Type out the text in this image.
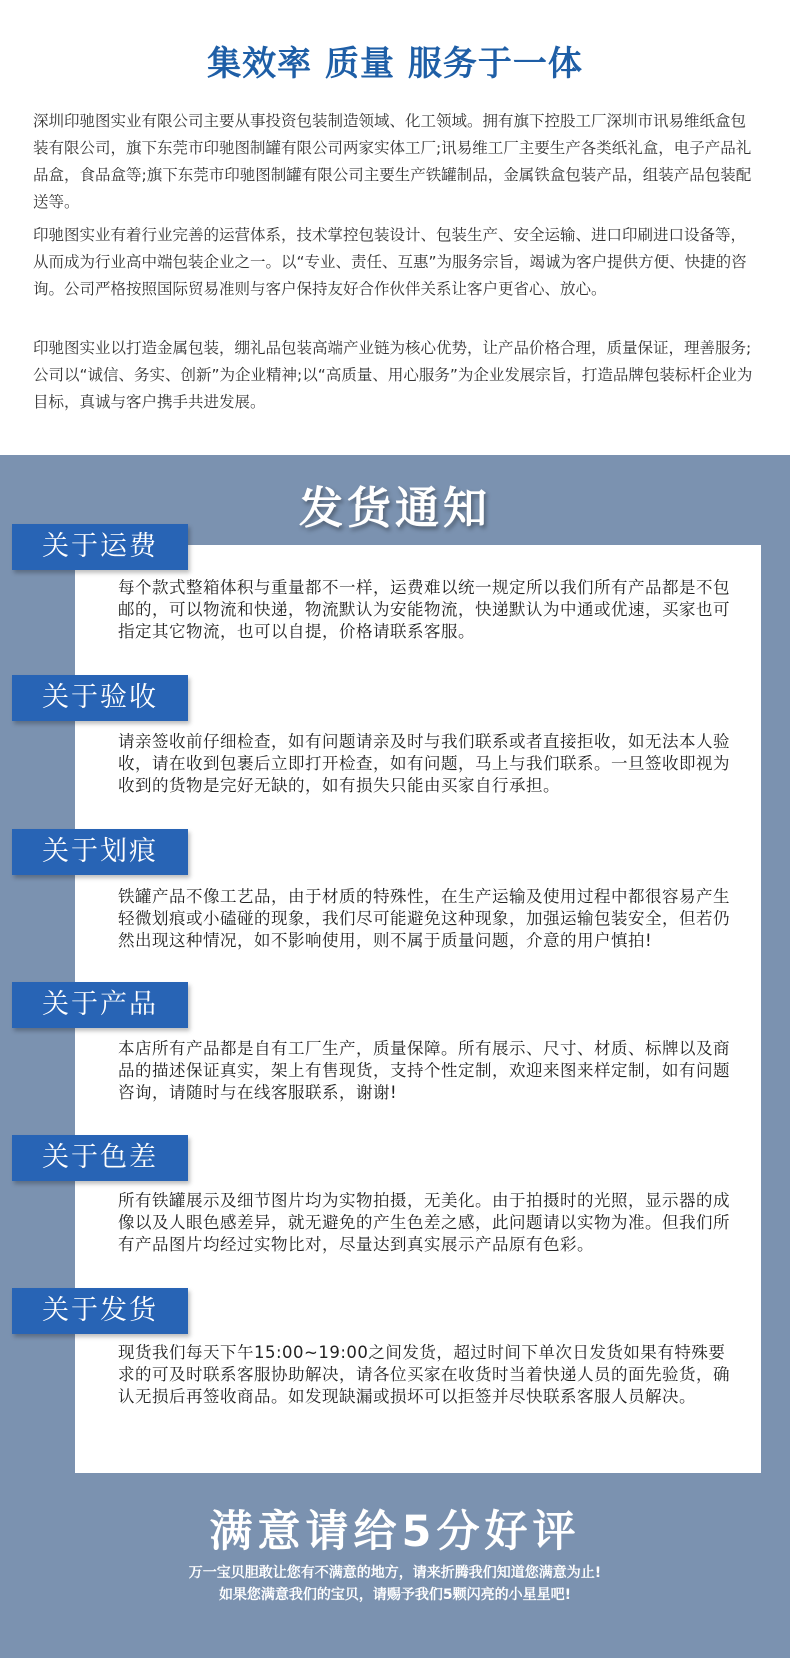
集效率 质量 服务于一体

深圳印驰图实业有限公司主要从事投资包装制造领域、化工领域。拥有旗下控股工厂深圳市讯易维纸盒包装有限公司，旗下东莞市印驰图制罐有限公司两家实体工厂;讯易维工厂主要生产各类纸礼盒，电子产品礼品盒，食品盒等;旗下东莞市印驰图制罐有限公司主要生产铁罐制品，金属铁盒包装产品，组装产品包装配送等。

印驰图实业有着行业完善的运营体系，技术掌控包装设计、包装生产、安全运输、进口印刷进口设备等，从而成为行业高中端包装企业之一。以“专业、责任、互惠”为服务宗旨，竭诚为客户提供方便、快捷的咨询。公司严格按照国际贸易准则与客户保持友好合作伙伴关系让客户更省心、放心。

印驰图实业以打造金属包装，绷礼品包装高端产业链为核心优势，让产品价格合理，质量保证，理善服务;公司以“诚信、务实、创新”为企业精神;以“高质量、用心服务”为企业发展宗旨，打造品牌包装标杆企业为目标，真诚与客户携手共进发展。

发货通知
关于运费

每个款式整箱体积与重量都不一样，运费难以统一规定所以我们所有产品都是不包邮的，可以物流和快递，物流默认为安能物流，快递默认为中通或优速，买家也可指定其它物流，也可以自提，价格请联系客服。

关于验收

请亲签收前仔细检查，如有问题请亲及时与我们联系或者直接拒收，如无法本人验收，请在收到包裹后立即打开检查，如有问题，马上与我们联系。一旦签收即视为收到的货物是完好无缺的，如有损失只能由买家自行承担。

关于划痕

铁罐产品不像工艺品，由于材质的特殊性，在生产运输及使用过程中都很容易产生轻微划痕或小磕碰的现象，我们尽可能避免这种现象，加强运输包装安全，但若仍然出现这种情况，如不影响使用，则不属于质量问题，介意的用户慎拍!

关于产品

本店所有产品都是自有工厂生产，质量保障。所有展示、尺寸、材质、标牌以及商品的描述保证真实，架上有售现货，支持个性定制，欢迎来图来样定制，如有问题咨询，请随时与在线客服联系，谢谢!

关于色差

所有铁罐展示及细节图片均为实物拍摄，无美化。由于拍摄时的光照，显示器的成像以及人眼色感差异，就无避免的产生色差之感，此问题请以实物为准。但我们所有产品图片均经过实物比对，尽量达到真实展示产品原有色彩。

关于发货

现货我们每天下午15:00~19:00之间发货，超过时间下单次日发货如果有特殊要求的可及时联系客服协助解决，请各位买家在收货时当着快递人员的面先验货，确认无损后再签收商品。如发现缺漏或损坏可以拒签并尽快联系客服人员解决。

满意请给5分好评
万一宝贝胆敢让您有不满意的地方，请来折腾我们知道您满意为止!
如果您满意我们的宝贝，请赐予我们5颗闪亮的小星星吧!
